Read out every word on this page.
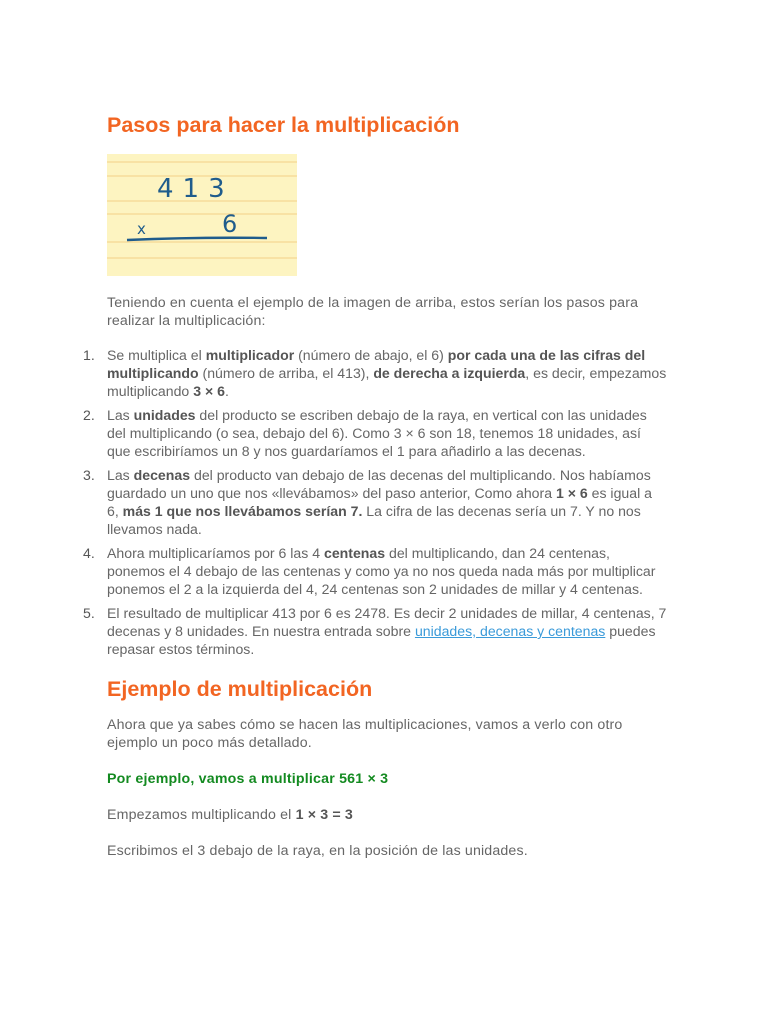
Pasos para hacer la multiplicación
413
x	6

Teniendo en cuenta el ejemplo de la imagen de arriba, estos serían los pasos para realizar la multiplicación:

1. Se multiplica el multiplicador (número de abajo, el 6) por cada una de las cifras del multiplicando (número de arriba, el 413), de derecha a izquierda, es decir, empezamos multiplicando 3 × 6.
2. Las unidades del producto se escriben debajo de la raya, en vertical con las unidades del multiplicando (o sea, debajo del 6). Como 3 × 6 son 18, tenemos 18 unidades, así que escribiríamos un 8 y nos guardaríamos el 1 para añadirlo a las decenas.
3. Las decenas del producto van debajo de las decenas del multiplicando. Nos habíamos guardado un uno que nos «llevábamos» del paso anterior, Como ahora 1 × 6 es igual a 6, más 1 que nos llevábamos serían 7. La cifra de las decenas sería un 7. Y no nos llevamos nada.
4. Ahora multiplicaríamos por 6 las 4 centenas del multiplicando, dan 24 centenas, ponemos el 4 debajo de las centenas y como ya no nos queda nada más por multiplicar ponemos el 2 a la izquierda del 4, 24 centenas son 2 unidades de millar y 4 centenas.
5. El resultado de multiplicar 413 por 6 es 2478. Es decir 2 unidades de millar, 4 centenas, 7 decenas y 8 unidades. En nuestra entrada sobre unidades, decenas y centenas puedes repasar estos términos.
Ejemplo de multiplicación

Ahora que ya sabes cómo se hacen las multiplicaciones, vamos a verlo con otro ejemplo un poco más detallado.

Por ejemplo, vamos a multiplicar 561 × 3

Empezamos multiplicando el 1 × 3 = 3

Escribimos el 3 debajo de la raya, en la posición de las unidades.
